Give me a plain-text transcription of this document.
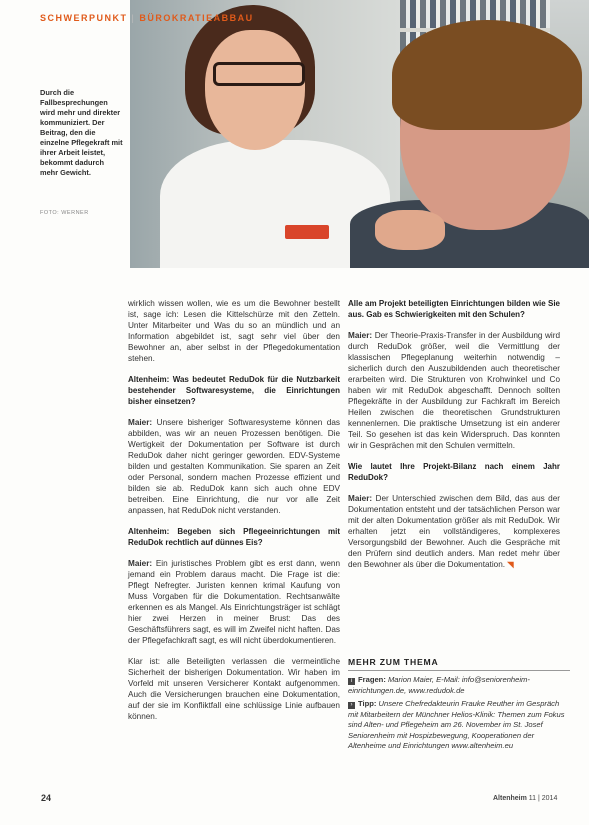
SCHWERPUNKT | BÜROKRATIEABBAU
Durch die Fallbesprechungen wird mehr und direkter kommuniziert. Der Beitrag, den die einzelne Pflegekraft mit ihrer Arbeit leistet, bekommt dadurch mehr Gewicht.
FOTO: WERNER

wirklich wissen wollen, wie es um die Bewohner bestellt ist, sage ich: Lesen die Kittelschürze mit den Zetteln. Unter Mitarbeiter und Was du so an mündlich und an Information abgebildet ist, sagt sehr viel über den Bewohner an, aber selbst in der Pflegedokumentation stehen.

Altenheim: Was bedeutet ReduDok für die Nutzbarkeit bestehender Softwaresysteme, die Einrichtungen bisher einsetzen?

Maier: Unsere bisheriger Softwaresysteme können das abbilden, was wir an neuen Prozessen benötigen. Die Wertigkeit der Dokumentation per Software ist durch ReduDok daher nicht geringer geworden. EDV-Systeme bilden und gestalten Kommunikation. Sie sparen an Zeit oder Personal, sondern machen Prozesse effizient und bilden sie ab. ReduDok kann sich auch ohne EDV betreiben. Eine Einrichtung, die nur vor alle Zeit anpassen, hat ReduDok nicht verstanden.

Altenheim: Begeben sich Pflegeeinrichtungen mit ReduDok rechtlich auf dünnes Eis?

Maier: Ein juristisches Problem gibt es erst dann, wenn jemand ein Problem daraus macht. Die Frage ist die: Pflegt Nefregter. Juristen kennen krimal Kaufung von Muss Vorgaben für die Dokumentation. Rechtsanwälte erkennen es als Mangel. Als Einrichtungsträger ist schlägt hier zwei Herzen in meiner Brust: Das des Geschäftsführers sagt, es will im Zweifel nicht haften. Das der Pflegefachkraft sagt, es will nicht überdokumentieren.

Klar ist: alle Beteiligten verlassen die vermeintliche Sicherheit der bisherigen Dokumentation. Wir haben im Vorfeld mit unseren Versicherer Kontakt aufgenommen. Auch die Versicherungen brauchen eine Dokumentation, auf der sie im Konfliktfall eine schlüssige Linie aufbauen können.

Alle am Projekt beteiligten Einrichtungen bilden wie Sie aus. Gab es Schwierigkeiten mit den Schulen?

Maier: Der Theorie-Praxis-Transfer in der Ausbildung wird durch ReduDok größer, weil die Vermittlung der klassischen Pflegeplanung weiterhin notwendig – sicherlich durch den Auszubildenden auch theoretischer erarbeiten wird. Die Strukturen von Krohwinkel und Co haben wir mit ReduDok abgeschafft. Dennoch sollten Pflegekräfte in der Ausbildung zur Fachkraft im Bereich Heilen zwischen die theoretischen Grundstrukturen kennenlernen. Die praktische Umsetzung ist ein anderer Teil. So gesehen ist das kein Widerspruch. Das konnten wir in Gesprächen mit den Schulen vermitteln.

Wie lautet Ihre Projekt-Bilanz nach einem Jahr ReduDok?

Maier: Der Unterschied zwischen dem Bild, das aus der Dokumentation entsteht und der tatsächlichen Person war mit der alten Dokumentation größer als mit ReduDok. Wir erhalten jetzt ein vollständigeres, komplexeres Versorgungsbild der Bewohner. Auch die Gespräche mit den Prüfern sind deutlich anders. Man redet mehr über den Bewohner als über die Dokumentation. ◥

MEHR ZUM THEMA
i Fragen: Marion Maier, E-Mail: info@seniorenheim-einrichtungen.de, www.redudok.de
› Tipp: Unsere Chefredakteurin Frauke Reuther im Gespräch mit Mitarbeitern der Münchner Helios-Klinik: Themen zum Fokus sind Alten- und Pflegeheim am 26. November im St. Josef Seniorenheim mit Hospizbewegung, Kooperationen der Altenheime und Einrichtungen www.altenheim.eu
24	Altenheim 11 | 2014
